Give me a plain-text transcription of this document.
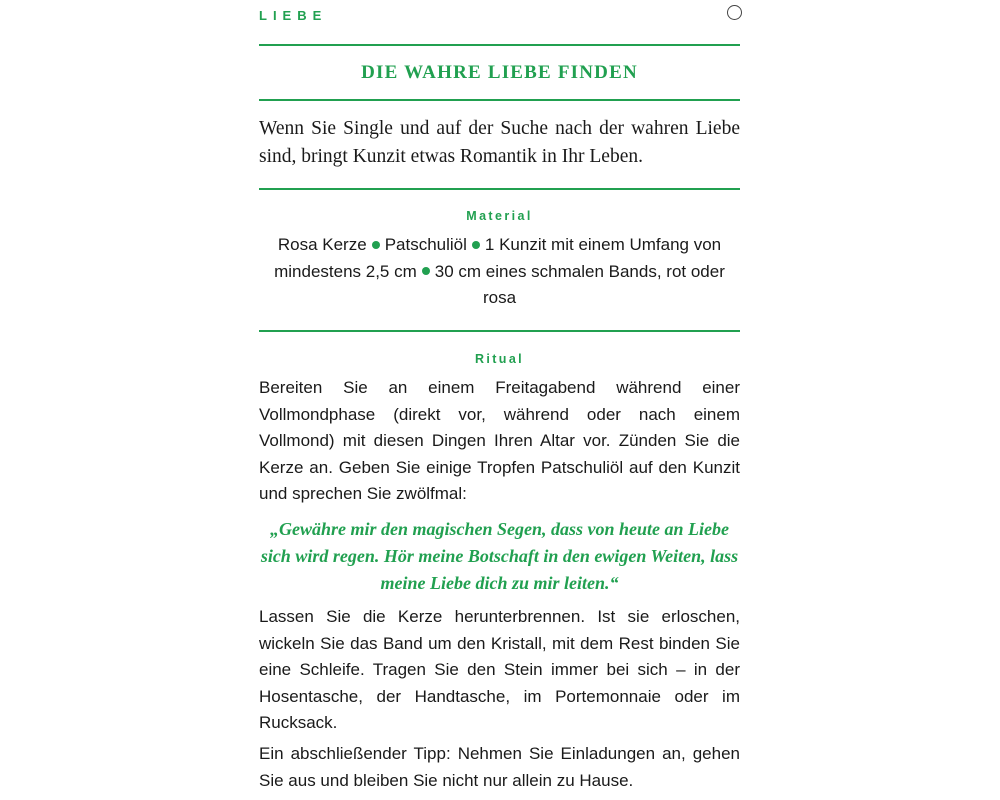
LIEBE
DIE WAHRE LIEBE FINDEN
Wenn Sie Single und auf der Suche nach der wahren Liebe sind, bringt Kunzit etwas Romantik in Ihr Leben.
Material
Rosa Kerze Patschuliöl 1 Kunzit mit einem Umfang von mindestens 2,5 cm 30 cm eines schmalen Bands, rot oder rosa
Ritual
Bereiten Sie an einem Freitagabend während einer Vollmondphase (direkt vor, während oder nach einem Vollmond) mit diesen Dingen Ihren Altar vor. Zünden Sie die Kerze an. Geben Sie einige Tropfen Patschuliöl auf den Kunzit und sprechen Sie zwölfmal:
„Gewähre mir den magischen Segen, dass von heute an Liebe sich wird regen. Hör meine Botschaft in den ewigen Weiten, lass meine Liebe dich zu mir leiten.“
Lassen Sie die Kerze herunterbrennen. Ist sie erloschen, wickeln Sie das Band um den Kristall, mit dem Rest binden Sie eine Schleife. Tragen Sie den Stein immer bei sich – in der Hosentasche, der Handtasche, im Portemonnaie oder im Rucksack.
Ein abschließender Tipp: Nehmen Sie Einladungen an, gehen Sie aus und bleiben Sie nicht nur allein zu Hause.
